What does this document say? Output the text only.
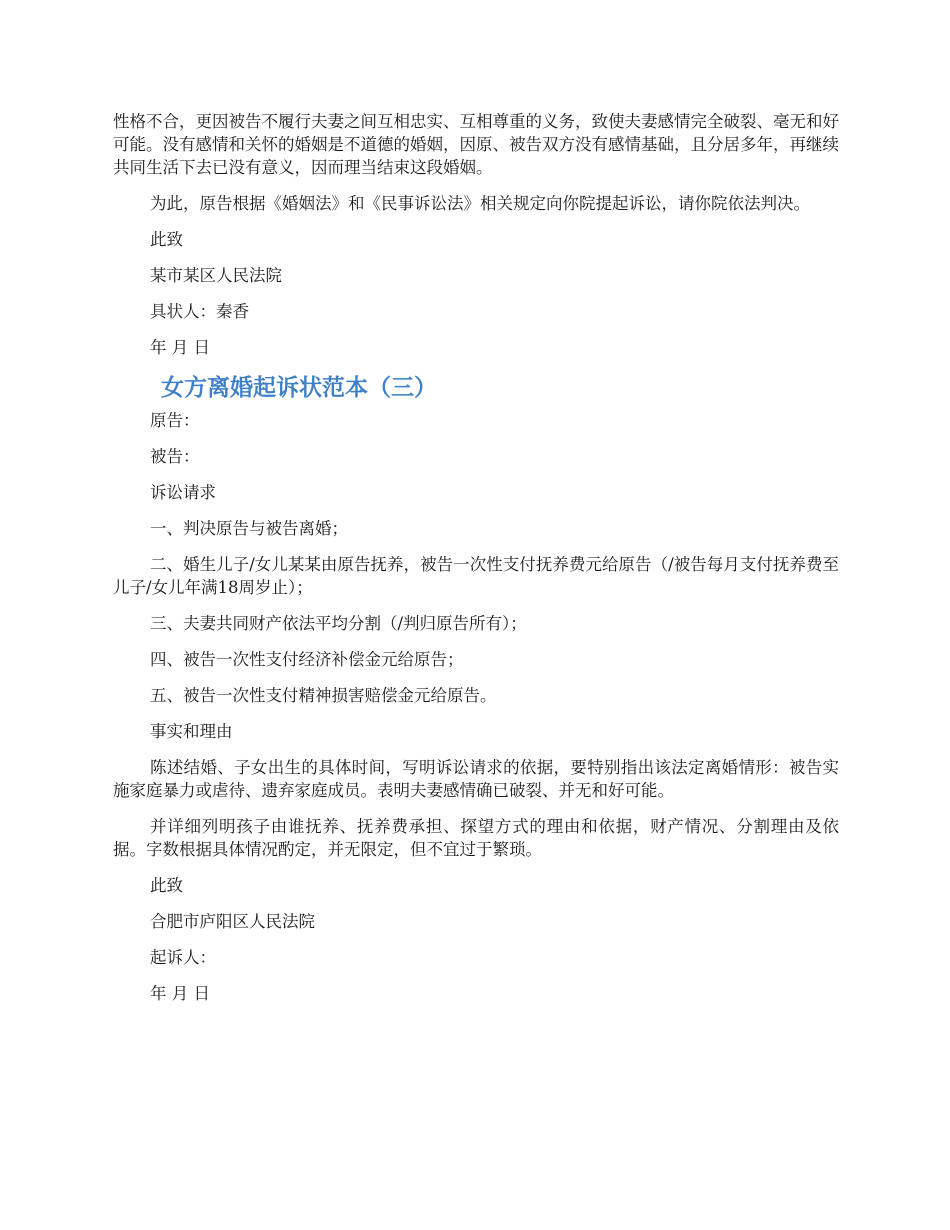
性格不合，更因被告不履行夫妻之间互相忠实、互相尊重的义务，致使夫妻感情完全破裂、毫无和好可能。没有感情和关怀的婚姻是不道德的婚姻，因原、被告双方没有感情基础，且分居多年，再继续共同生活下去已没有意义，因而理当结束这段婚姻。

为此，原告根据《婚姻法》和《民事诉讼法》相关规定向你院提起诉讼，请你院依法判决。

此致

某市某区人民法院

具状人：秦香

年 月 日

女方离婚起诉状范本（三）

原告：

被告：

诉讼请求

一、判决原告与被告离婚；

二、婚生儿子/女儿某某由原告抚养，被告一次性支付抚养费元给原告（/被告每月支付抚养费至儿子/女儿年满18周岁止）；

三、夫妻共同财产依法平均分割（/判归原告所有）；

四、被告一次性支付经济补偿金元给原告；

五、被告一次性支付精神损害赔偿金元给原告。

事实和理由

陈述结婚、子女出生的具体时间，写明诉讼请求的依据，要特别指出该法定离婚情形：被告实施家庭暴力或虐待、遗弃家庭成员。表明夫妻感情确已破裂、并无和好可能。

并详细列明孩子由谁抚养、抚养费承担、探望方式的理由和依据，财产情况、分割理由及依据。字数根据具体情况酌定，并无限定，但不宜过于繁琐。

此致

合肥市庐阳区人民法院

起诉人：

年 月 日
